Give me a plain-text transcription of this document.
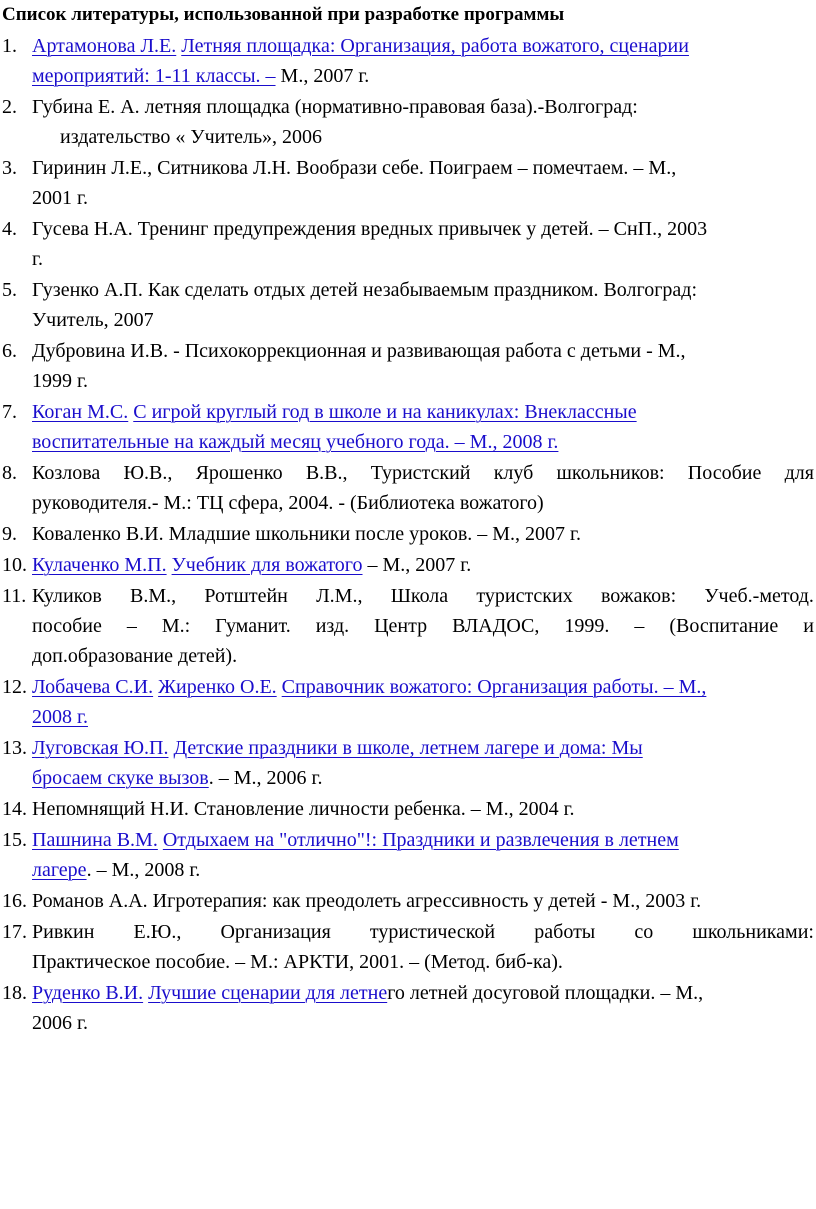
Список литературы, использованной при разработке программы
1. Артамонова Л.Е. Летняя площадка: Организация, работа вожатого, сценарии
мероприятий: 1-11 классы. – М., 2007 г.
2. Губина Е. А. летняя площадка (нормативно-правовая база).-Волгоград:
издательство « Учитель», 2006
3. Гиринин Л.Е., Ситникова Л.Н. Вообрази себе. Поиграем – помечтаем. – М.,
2001 г.
4. Гусева Н.А. Тренинг предупреждения вредных привычек у детей. – СнП., 2003
г.
5. Гузенко А.П. Как сделать отдых детей незабываемым праздником. Волгоград:
Учитель, 2007
6. Дубровина И.В. - Психокоррекционная и развивающая работа с детьми - М.,
1999 г.
7. Коган М.С. С игрой круглый год в школе и на каникулах: Внеклассные
воспитательные на каждый месяц учебного года. – М., 2008 г.
8. Козлова Ю.В., Ярошенко В.В., Туристский клуб школьников: Пособие для
руководителя.- М.: ТЦ сфера, 2004. - (Библиотека вожатого)
9. Коваленко В.И. Младшие школьники после уроков. – М., 2007 г.
10. Кулаченко М.П. Учебник для вожатого – М., 2007 г.
11. Куликов В.М., Ротштейн Л.М., Школа туристских вожаков: Учеб.-метод.
пособие – М.: Гуманит. изд. Центр ВЛАДОС, 1999. – (Воспитание и
доп.образование детей).
12. Лобачева С.И. Жиренко О.Е. Справочник вожатого: Организация работы. – М.,
2008 г.
13. Луговская Ю.П. Детские праздники в школе, летнем лагере и дома: Мы
бросаем скуке вызов. – М., 2006 г.
14. Непомнящий Н.И. Становление личности ребенка. – М., 2004 г.
15. Пашнина В.М. Отдыхаем на "отлично"!: Праздники и развлечения в летнем
лагере. – М., 2008 г.
16. Романов А.А. Игротерапия: как преодолеть агрессивность у детей - М., 2003 г.
17. Ривкин Е.Ю., Организация туристической работы со школьниками:
Практическое пособие. – М.: АРКТИ, 2001. – (Метод. биб-ка).
18. Руденко В.И. Лучшие сценарии для летнего летней досуговой площадки. – М.,
2006 г.
